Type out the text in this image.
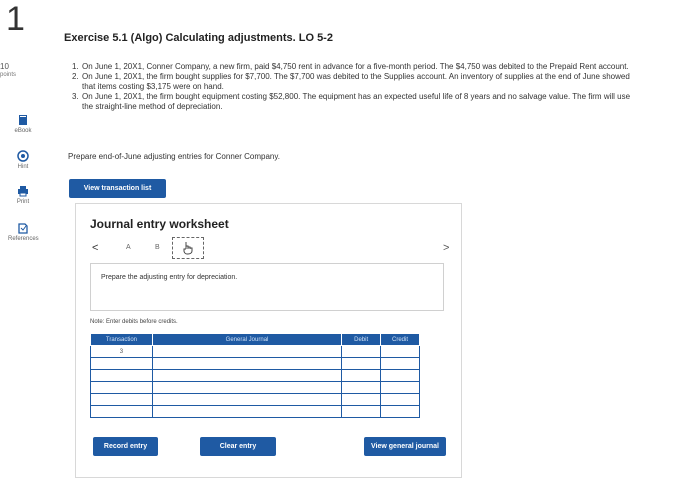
1
10
points
eBook
Hint
Print
References
Exercise 5.1 (Algo) Calculating adjustments. LO 5-2
1. On June 1, 20X1, Conner Company, a new firm, paid $4,750 rent in advance for a five-month period. The $4,750 was debited to the Prepaid Rent account.
2. On June 1, 20X1, the firm bought supplies for $7,700. The $7,700 was debited to the Supplies account. An inventory of supplies at the end of June showed that items costing $3,175 were on hand.
3. On June 1, 20X1, the firm bought equipment costing $52,800. The equipment has an expected useful life of 8 years and no salvage value. The firm will use the straight-line method of depreciation.
Prepare end-of-June adjusting entries for Conner Company.
View transaction list
Journal entry worksheet
<	A	B	>
Prepare the adjusting entry for depreciation.
Note: Enter debits before credits.
Transaction	General Journal	Debit	Credit
3			

Record entry	Clear entry	View general journal
